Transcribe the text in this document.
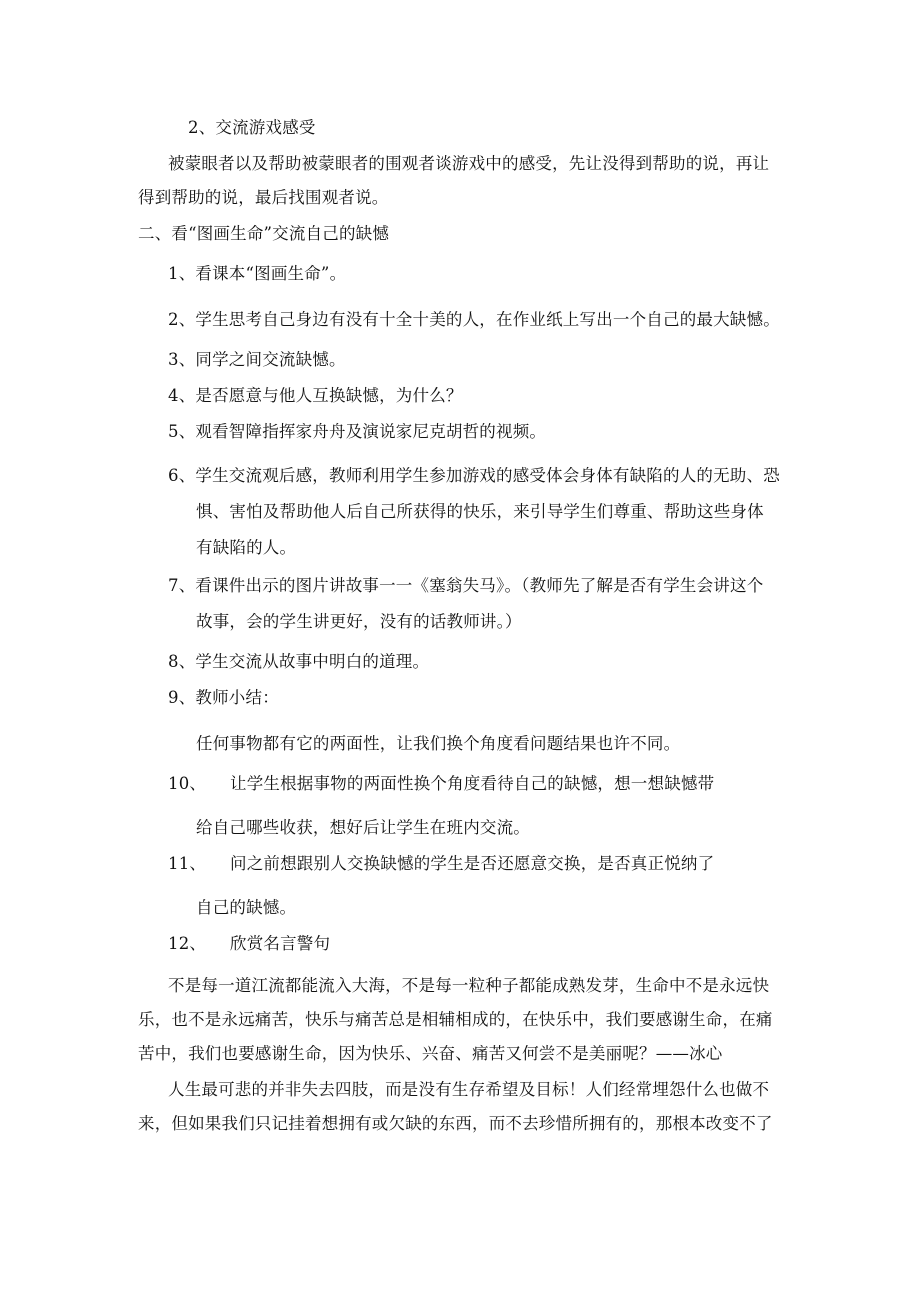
2、交流游戏感受
被蒙眼者以及帮助被蒙眼者的围观者谈游戏中的感受，先让没得到帮助的说，再让
得到帮助的说，最后找围观者说。
二、看“图画生命”交流自己的缺憾
1、看课本“图画生命”。
2、学生思考自己身边有没有十全十美的人，在作业纸上写出一个自己的最大缺憾。
3、同学之间交流缺憾。
4、是否愿意与他人互换缺憾，为什么？
5、观看智障指挥家舟舟及演说家尼克胡哲的视频。
6、学生交流观后感，教师利用学生参加游戏的感受体会身体有缺陷的人的无助、恐
惧、害怕及帮助他人后自己所获得的快乐，来引导学生们尊重、帮助这些身体
有缺陷的人。
7、看课件出示的图片讲故事一一《塞翁失马》。（教师先了解是否有学生会讲这个
故事，会的学生讲更好，没有的话教师讲。）
8、学生交流从故事中明白的道理。
9、教师小结：
任何事物都有它的两面性，让我们换个角度看问题结果也许不同。
10、 让学生根据事物的两面性换个角度看待自己的缺憾，想一想缺憾带
给自己哪些收获，想好后让学生在班内交流。
11、 问之前想跟别人交换缺憾的学生是否还愿意交换，是否真正悦纳了
自己的缺憾。
12、 欣赏名言警句
不是每一道江流都能流入大海，不是每一粒种子都能成熟发芽，生命中不是永远快
乐，也不是永远痛苦，快乐与痛苦总是相辅相成的，在快乐中，我们要感谢生命，在痛
苦中，我们也要感谢生命，因为快乐、兴奋、痛苦又何尝不是美丽呢？——冰心
人生最可悲的并非失去四肢，而是没有生存希望及目标！人们经常埋怨什么也做不
来，但如果我们只记挂着想拥有或欠缺的东西，而不去珍惜所拥有的，那根本改变不了
